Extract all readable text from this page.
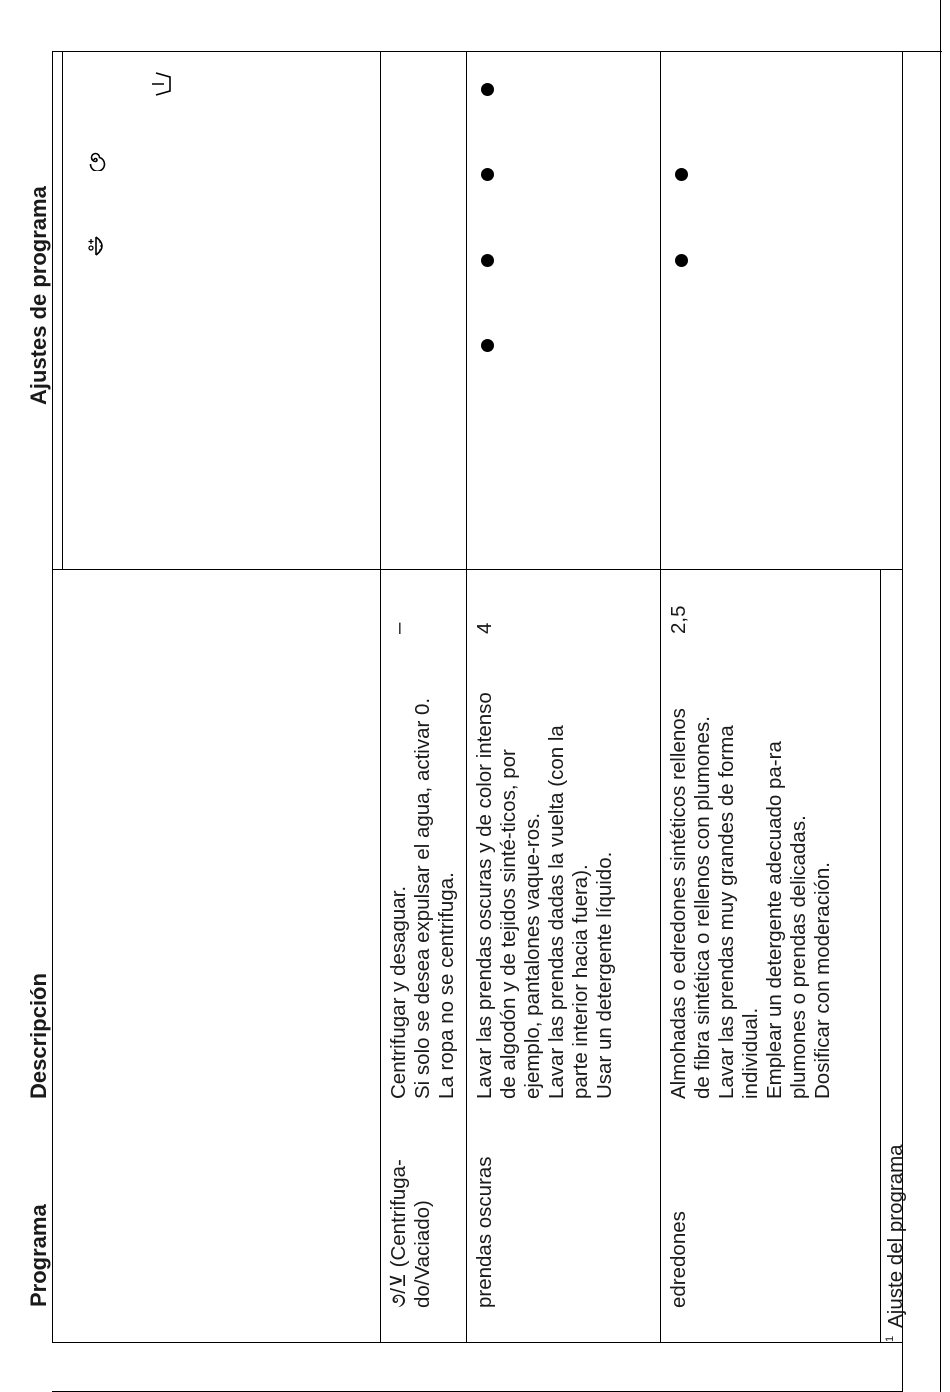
Programa
Descripción
Ajustes de programa
૭/⊻ (Centrifuga-do/Vaciado)

Centrifugar y desaguar. Si solo se desea expulsar el agua, activar 0. La ropa no se centrifuga.

–
prendas oscuras

Lavar las prendas oscuras y de color intenso de algodón y de tejidos sinté-ticos, por ejemplo, pantalones vaque-ros. Lavar las prendas dadas la vuelta (con la parte interior hacia fuera). Usar un detergente líquido.

4
edredones

Almohadas o edredones sintéticos rellenos de fibra sintética o rellenos con plumones. Lavar las prendas muy grandes de forma individual. Emplear un detergente adecuado pa-ra plumones o prendas delicadas. Dosificar con moderación.

2,5
$^1$Ajuste del programa
